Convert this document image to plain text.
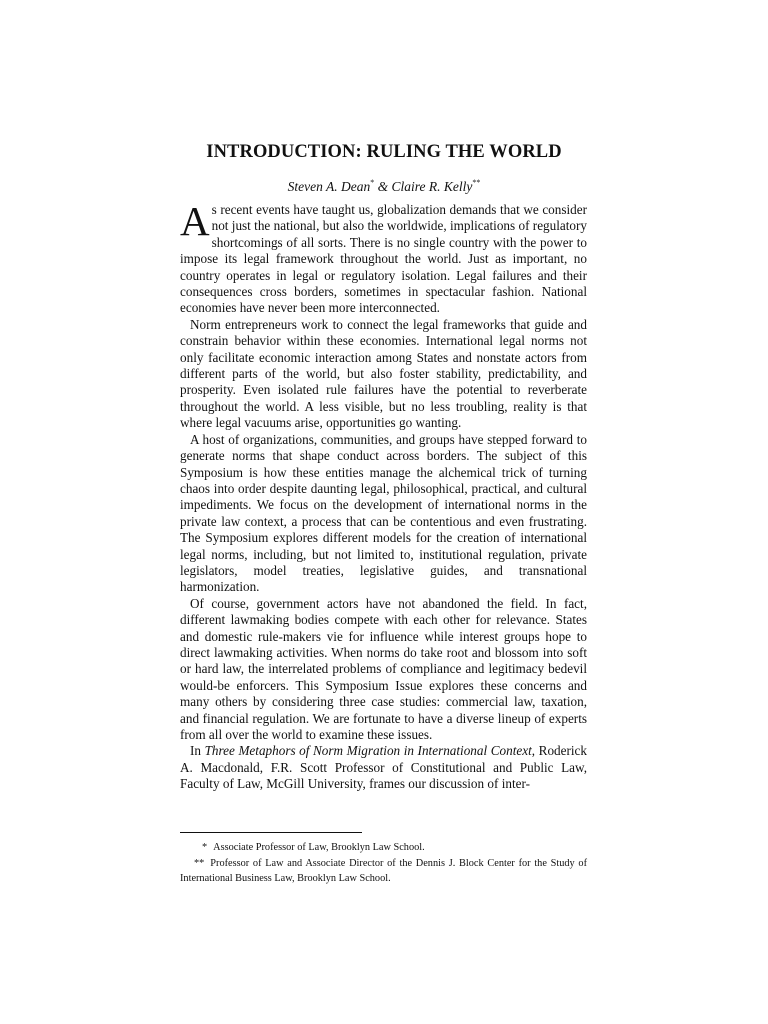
INTRODUCTION: RULING THE WORLD
Steven A. Dean* & Claire R. Kelly**

As recent events have taught us, globalization demands that we consider not just the national, but also the worldwide, implications of regulatory shortcomings of all sorts. There is no single country with the power to impose its legal framework throughout the world. Just as important, no country operates in legal or regulatory isolation. Legal failures and their consequences cross borders, sometimes in spectacular fashion. National economies have never been more interconnected.

Norm entrepreneurs work to connect the legal frameworks that guide and constrain behavior within these economies. International legal norms not only facilitate economic interaction among States and nonstate actors from different parts of the world, but also foster stability, predictability, and prosperity. Even isolated rule failures have the potential to reverberate throughout the world. A less visible, but no less troubling, reality is that where legal vacuums arise, opportunities go wanting.

A host of organizations, communities, and groups have stepped forward to generate norms that shape conduct across borders. The subject of this Symposium is how these entities manage the alchemical trick of turning chaos into order despite daunting legal, philosophical, practical, and cultural impediments. We focus on the development of international norms in the private law context, a process that can be contentious and even frustrating. The Symposium explores different models for the creation of international legal norms, including, but not limited to, institutional regulation, private legislators, model treaties, legislative guides, and transnational harmonization.

Of course, government actors have not abandoned the field. In fact, different lawmaking bodies compete with each other for relevance. States and domestic rule-makers vie for influence while interest groups hope to direct lawmaking activities. When norms do take root and blossom into soft or hard law, the interrelated problems of compliance and legitimacy bedevil would-be enforcers. This Symposium Issue explores these concerns and many others by considering three case studies: commercial law, taxation, and financial regulation. We are fortunate to have a diverse lineup of experts from all over the world to examine these issues.

In Three Metaphors of Norm Migration in International Context, Roderick A. Macdonald, F.R. Scott Professor of Constitutional and Public Law, Faculty of Law, McGill University, frames our discussion of inter-

* Associate Professor of Law, Brooklyn Law School.

** Professor of Law and Associate Director of the Dennis J. Block Center for the Study of International Business Law, Brooklyn Law School.
